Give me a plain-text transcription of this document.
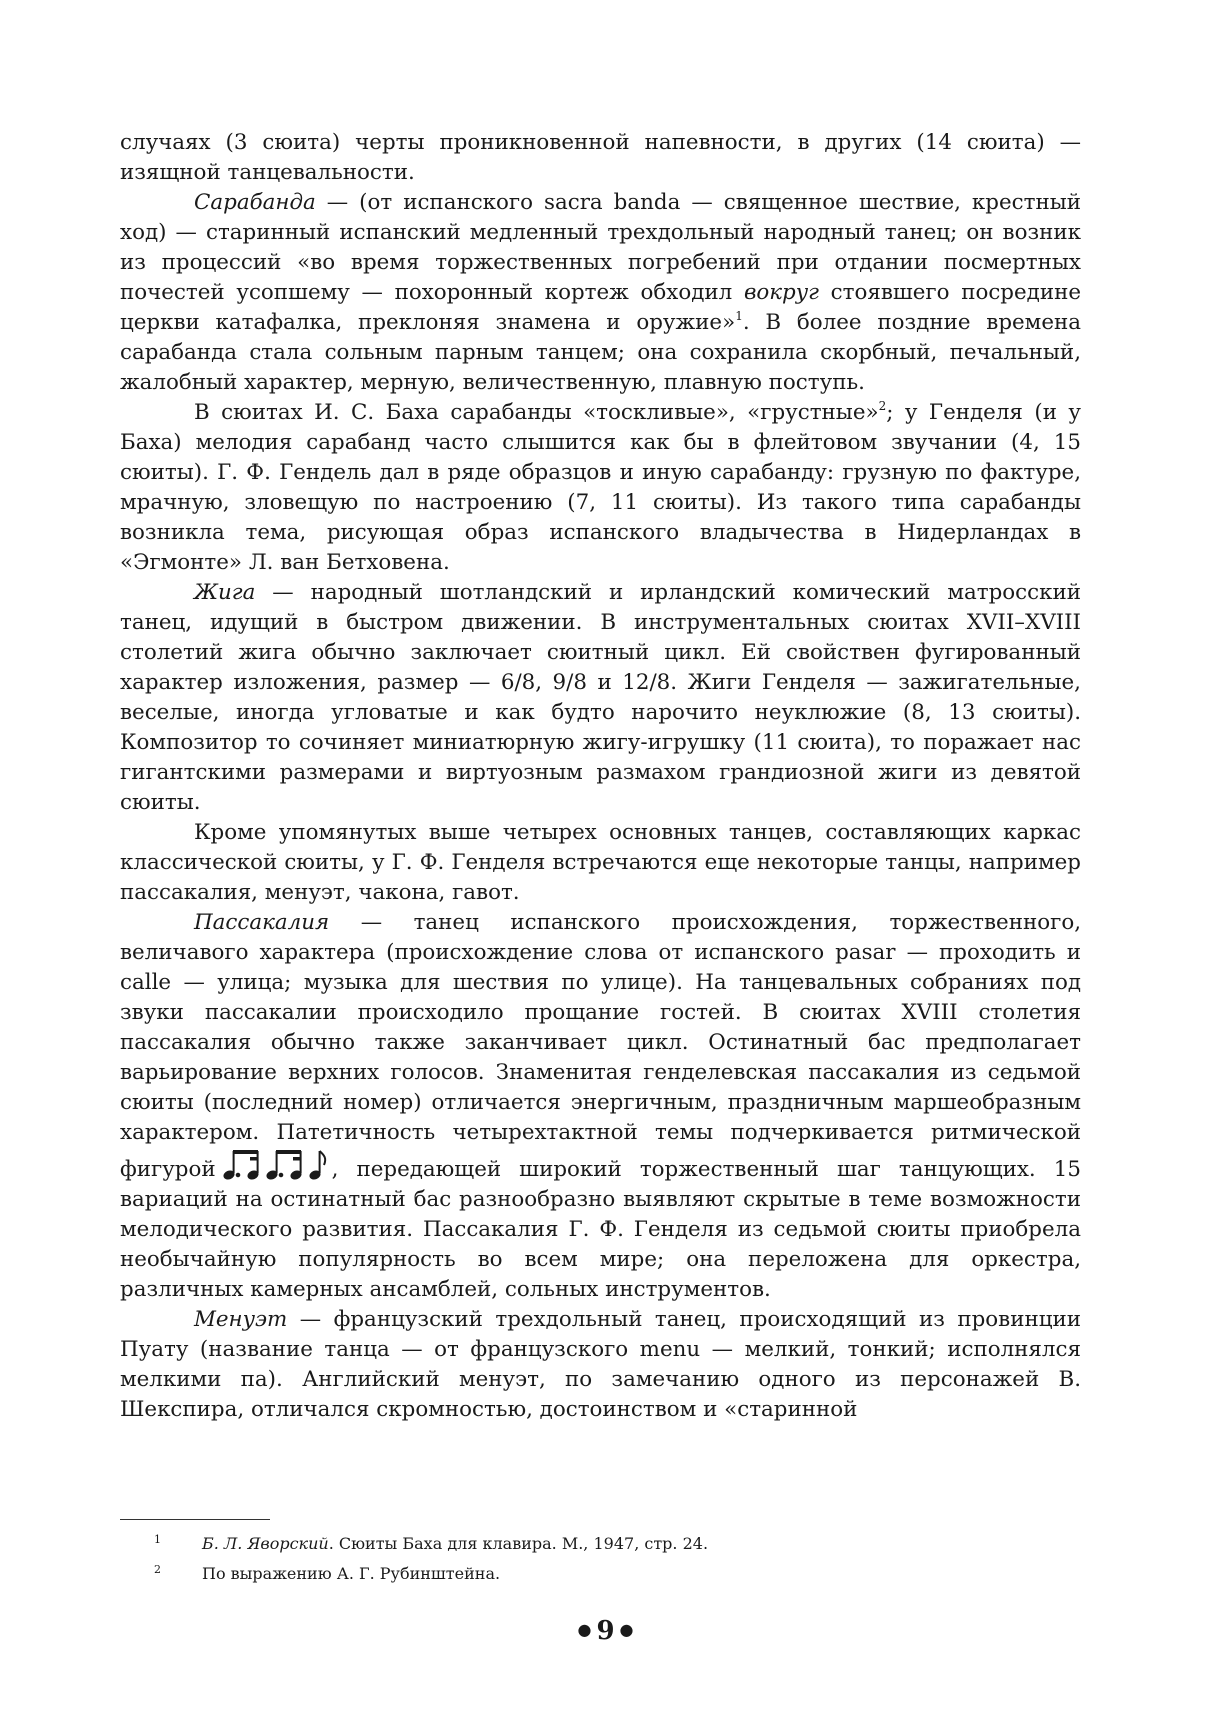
случаях (3 сюита) черты проникновенной напевности, в других (14 сюита) — изящной танцевальности.

Сарабанда — (от испанского sacra banda — священное шествие, крестный ход) — старинный испанский медленный трехдольный народный танец; он возник из процессий «во время торжественных погребений при отдании посмертных почестей усопшему — похоронный кортеж обходил вокруг стоявшего посредине церкви катафалка, преклоняя знамена и оружие»$^1$. В более поздние времена сарабанда стала сольным парным танцем; она сохранила скорбный, печальный, жалобный характер, мерную, величественную, плавную поступь.

В сюитах И. С. Баха сарабанды «тоскливые», «грустные»$^2$; у Генделя (и у Баха) мелодия сарабанд часто слышится как бы в флейтовом звучании (4, 15 сюиты). Г. Ф. Гендель дал в ряде образцов и иную сарабанду: грузную по фактуре, мрачную, зловещую по настроению (7, 11 сюиты). Из такого типа сарабанды возникла тема, рисующая образ испанского владычества в Нидерландах в «Эгмонте» Л. ван Бетховена.

Жига — народный шотландский и ирландский комический матросский танец, идущий в быстром движении. В инструментальных сюитах XVII–XVIII столетий жига обычно заключает сюитный цикл. Ей свойствен фугированный характер изложения, размер — 6/8, 9/8 и 12/8. Жиги Генделя — зажигательные, веселые, иногда угловатые и как будто нарочито неуклюжие (8, 13 сюиты). Композитор то сочиняет миниатюрную жигу-игрушку (11 сюита), то поражает нас гигантскими размерами и виртуозным размахом грандиозной жиги из девятой сюиты.

Кроме упомянутых выше четырех основных танцев, составляющих каркас классической сюиты, у Г. Ф. Генделя встречаются еще некоторые танцы, например пассакалия, менуэт, чакона, гавот.

Пассакалия — танец испанского происхождения, торжественного, величавого характера (происхождение слова от испанского pasar — проходить и calle — улица; музыка для шествия по улице). На танцевальных собраниях под звуки пассакалии происходило прощание гостей. В сюитах XVIII столетия пассакалия обычно также заканчивает цикл. Остинатный бас предполагает варьирование верхних голосов. Знаменитая генделевская пассакалия из седьмой сюиты (последний номер) отличается энергичным, праздничным маршеобразным характером. Патетичность четырехтактной темы подчеркивается ритмической фигурой	, передающей широкий торжественный шаг танцующих. 15 вариаций на остинатный бас разнообразно выявляют скрытые в теме возможности мелодического развития. Пассакалия Г. Ф. Генделя из седьмой сюиты приобрела необычайную популярность во всем мире; она переложена для оркестра, различных камерных ансамблей, сольных инструментов.

Менуэт — французский трехдольный танец, происходящий из провинции Пуату (название танца — от французского menu — мелкий, тонкий; исполнялся мелкими па). Английский менуэт, по замечанию одного из персонажей В. Шекспира, отличался скромностью, достоинством и «старинной

1	Б. Л. Яворский. Сюиты Баха для клавира. М., 1947, стр. 24.
2	По выражению А. Г. Рубинштейна.
● 9 ●
